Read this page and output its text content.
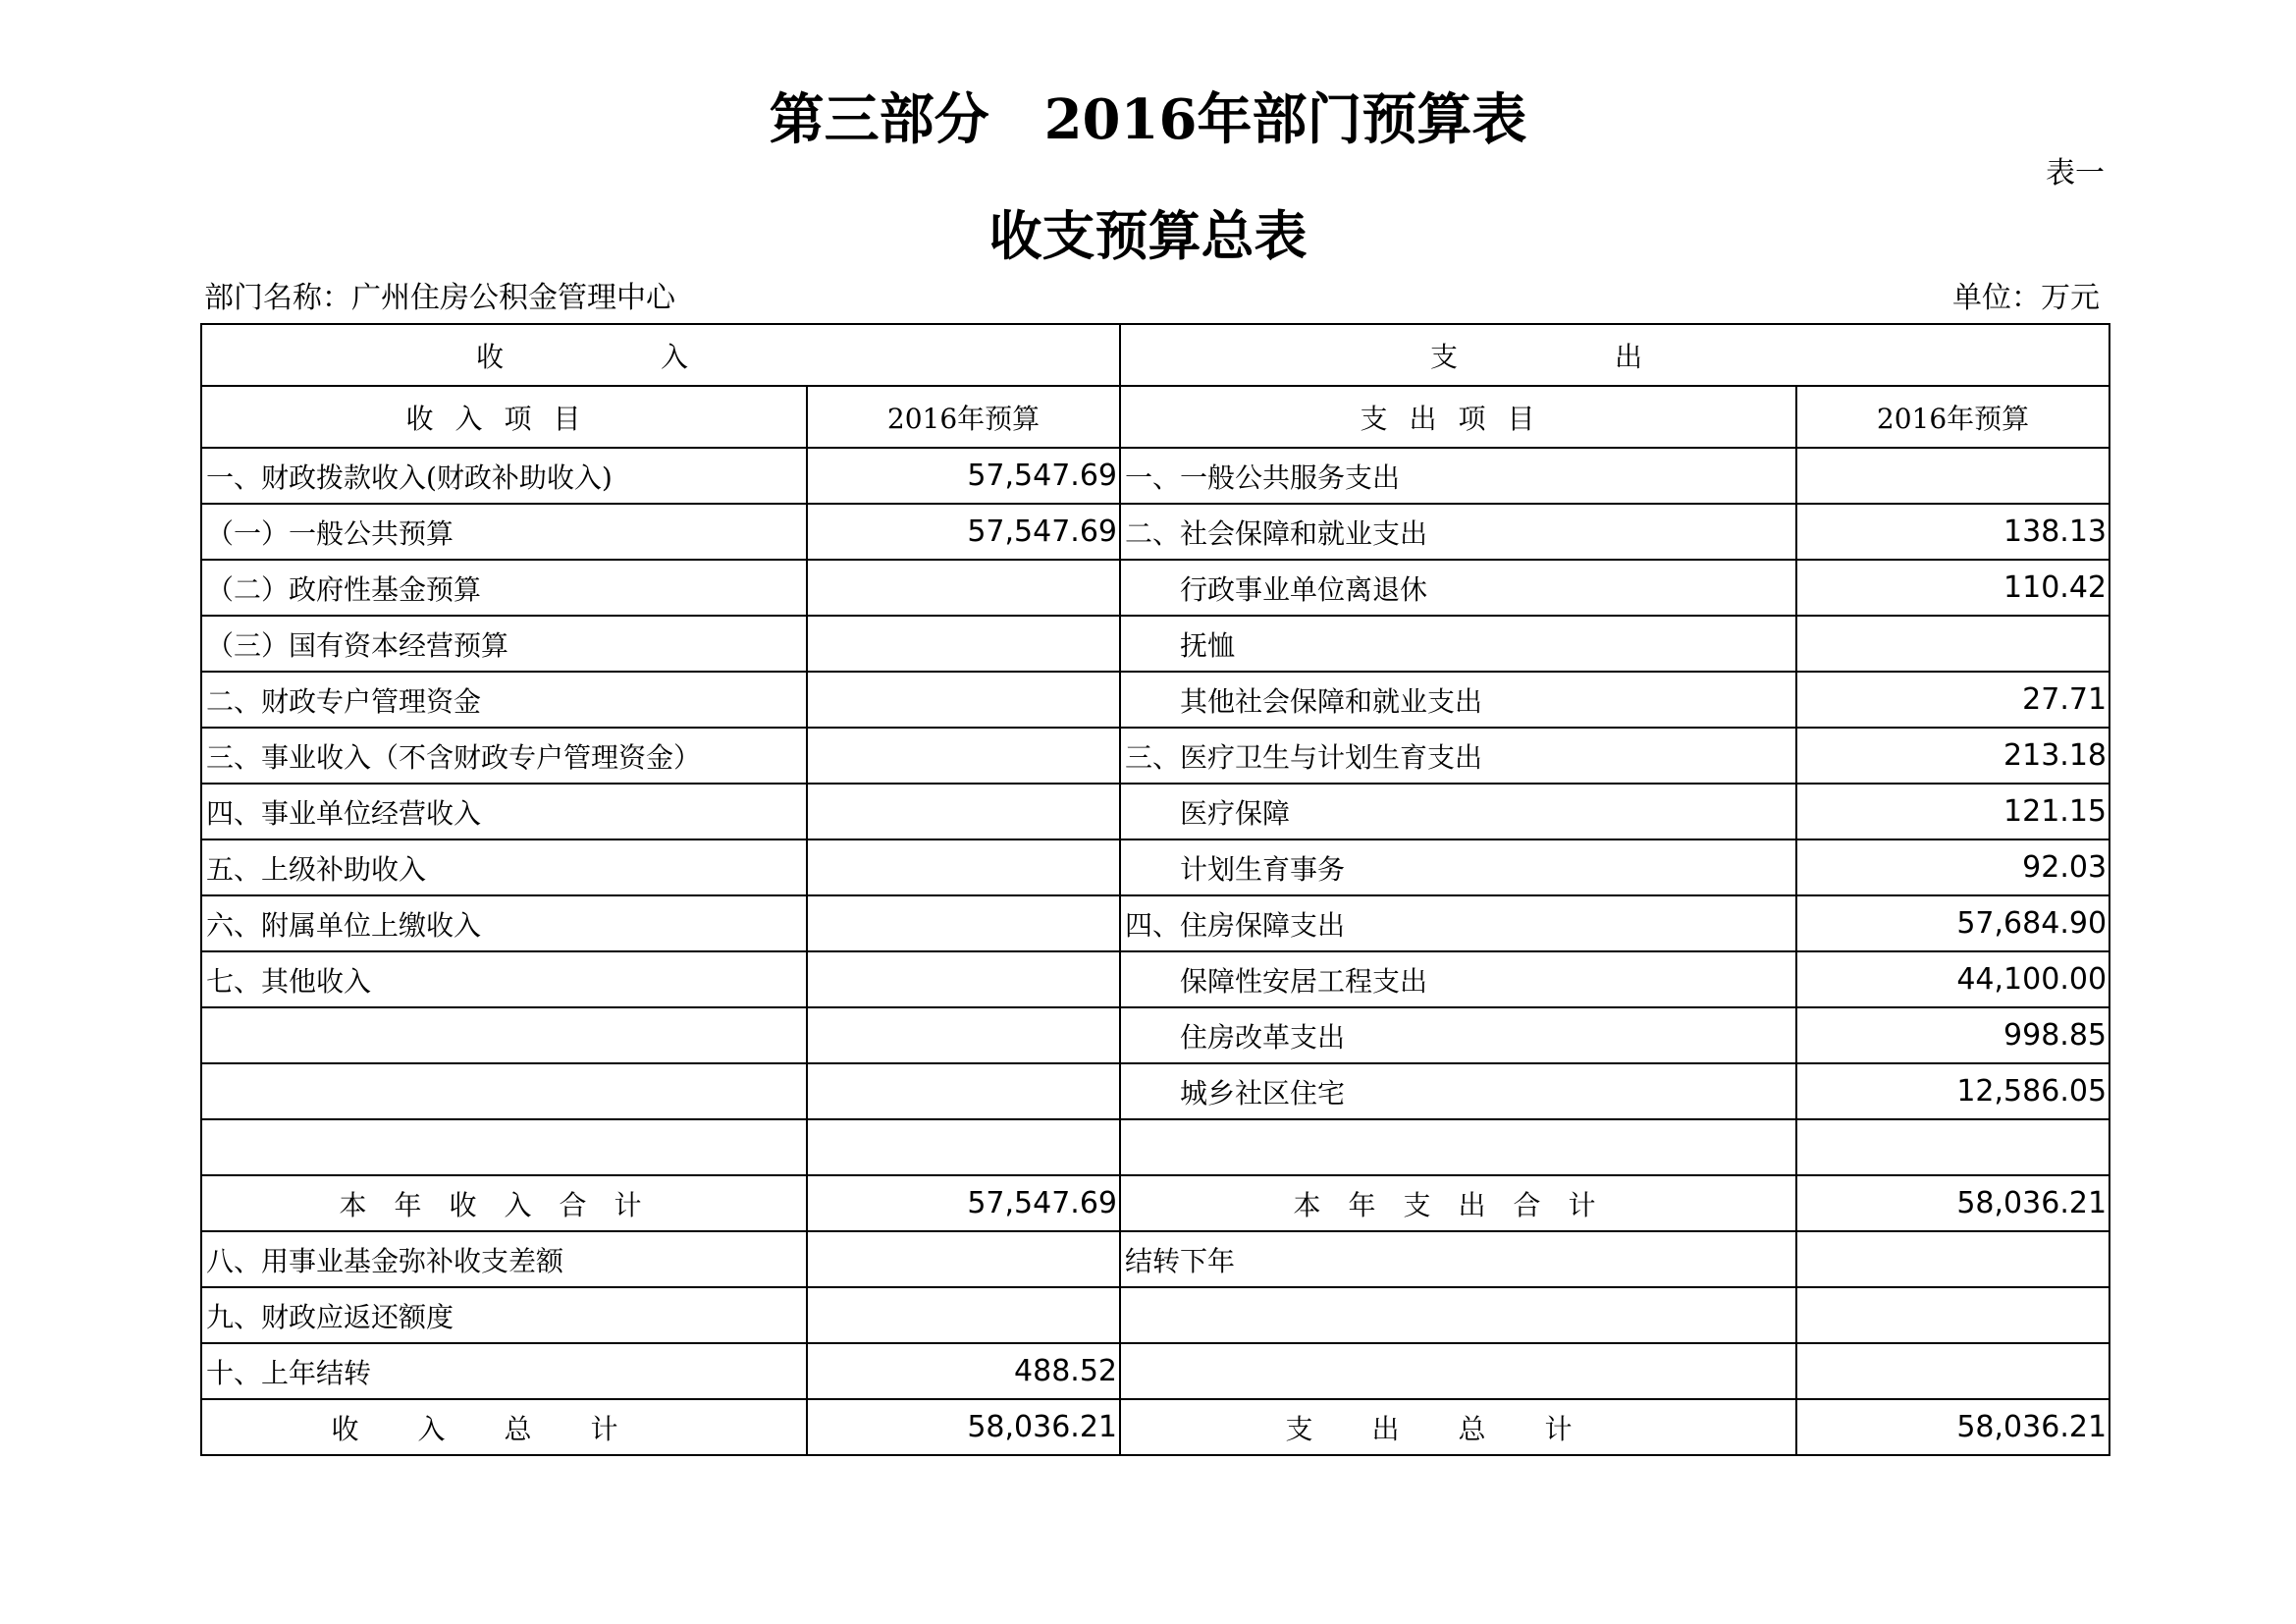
第三部分　2016年部门预算表
表一
收支预算总表
部门名称：广州住房公积金管理中心	单位：万元
收入		支出	
收入项目	2016年预算	支出项目	2016年预算
一、财政拨款收入(财政补助收入)	57,547.69	一、一般公共服务支出	
（一）一般公共预算	57,547.69	二、社会保障和就业支出	138.13
（二）政府性基金预算		行政事业单位离退休	110.42
（三）国有资本经营预算		抚恤	
二、财政专户管理资金		其他社会保障和就业支出	27.71
三、事业收入（不含财政专户管理资金）		三、医疗卫生与计划生育支出	213.18
四、事业单位经营收入		医疗保障	121.15
五、上级补助收入		计划生育事务	92.03
六、附属单位上缴收入		四、住房保障支出	57,684.90
七、其他收入		保障性安居工程支出	44,100.00
		住房改革支出	998.85
		城乡社区住宅	12,586.05

本年收入合计	57,547.69	本年支出合计	58,036.21
八、用事业基金弥补收支差额		结转下年	
九、财政应返还额度			
十、上年结转	488.52		
收入总计	58,036.21	支出总计	58,036.21
